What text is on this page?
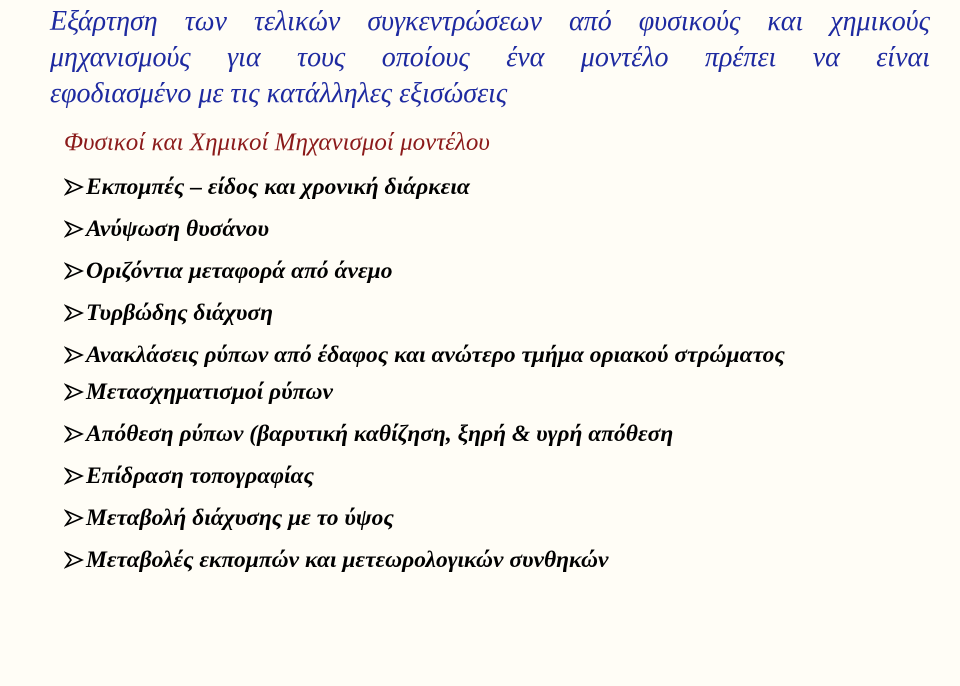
Εξάρτηση των τελικών συγκεντρώσεων από φυσικούς και χημικούς
μηχανισμούς για τους οποίους ένα μοντέλο πρέπει να είναι
εφοδιασμένο με τις κατάλληλες εξισώσεις
Φυσικοί και Χημικοί Μηχανισμοί μοντέλου
Εκπομπές – είδος και χρονική διάρκεια
Ανύψωση θυσάνου
Οριζόντια μεταφορά από άνεμο
Τυρβώδης διάχυση
Ανακλάσεις ρύπων από έδαφος και ανώτερο τμήμα οριακού στρώματος
Μετασχηματισμοί ρύπων
Απόθεση ρύπων (βαρυτική καθίζηση, ξηρή & υγρή απόθεση
Επίδραση τοπογραφίας
Μεταβολή διάχυσης με το ύψος
Μεταβολές εκπομπών και μετεωρολογικών συνθηκών
